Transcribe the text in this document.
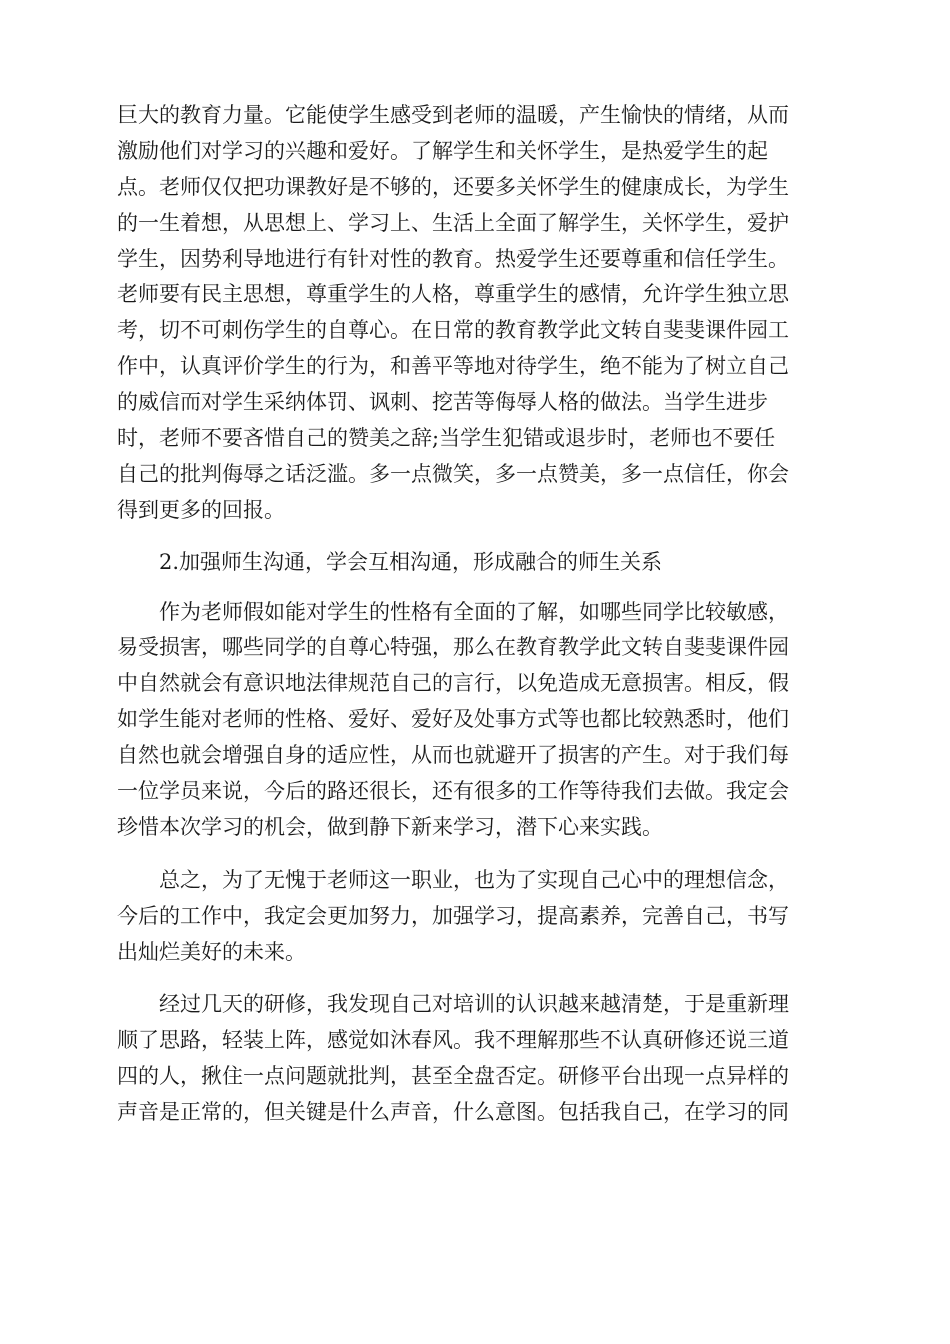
巨大的教育力量。它能使学生感受到老师的温暖，产生愉快的情绪，从而
激励他们对学习的兴趣和爱好。了解学生和关怀学生，是热爱学生的起
点。老师仅仅把功课教好是不够的，还要多关怀学生的健康成长，为学生
的一生着想，从思想上、学习上、生活上全面了解学生，关怀学生，爱护
学生，因势利导地进行有针对性的教育。热爱学生还要尊重和信任学生。
老师要有民主思想，尊重学生的人格，尊重学生的感情，允许学生独立思
考，切不可刺伤学生的自尊心。在日常的教育教学此文转自斐斐课件园工
作中，认真评价学生的行为，和善平等地对待学生，绝不能为了树立自己
的威信而对学生采纳体罚、讽刺、挖苦等侮辱人格的做法。当学生进步
时，老师不要吝惜自己的赞美之辞;当学生犯错或退步时，老师也不要任
自己的批判侮辱之话泛滥。多一点微笑，多一点赞美，多一点信任，你会
得到更多的回报。

　　2.加强师生沟通，学会互相沟通，形成融合的师生关系

　　作为老师假如能对学生的性格有全面的了解，如哪些同学比较敏感，
易受损害，哪些同学的自尊心特强，那么在教育教学此文转自斐斐课件园
中自然就会有意识地法律规范自己的言行，以免造成无意损害。相反，假
如学生能对老师的性格、爱好、爱好及处事方式等也都比较熟悉时，他们
自然也就会增强自身的适应性，从而也就避开了损害的产生。对于我们每
一位学员来说，今后的路还很长，还有很多的工作等待我们去做。我定会
珍惜本次学习的机会，做到静下新来学习，潜下心来实践。

　　总之，为了无愧于老师这一职业，也为了实现自己心中的理想信念，
今后的工作中，我定会更加努力，加强学习，提高素养，完善自己，书写
出灿烂美好的未来。

　　经过几天的研修，我发现自己对培训的认识越来越清楚，于是重新理
顺了思路，轻装上阵，感觉如沐春风。我不理解那些不认真研修还说三道
四的人，揪住一点问题就批判，甚至全盘否定。研修平台出现一点异样的
声音是正常的，但关键是什么声音，什么意图。包括我自己，在学习的同
